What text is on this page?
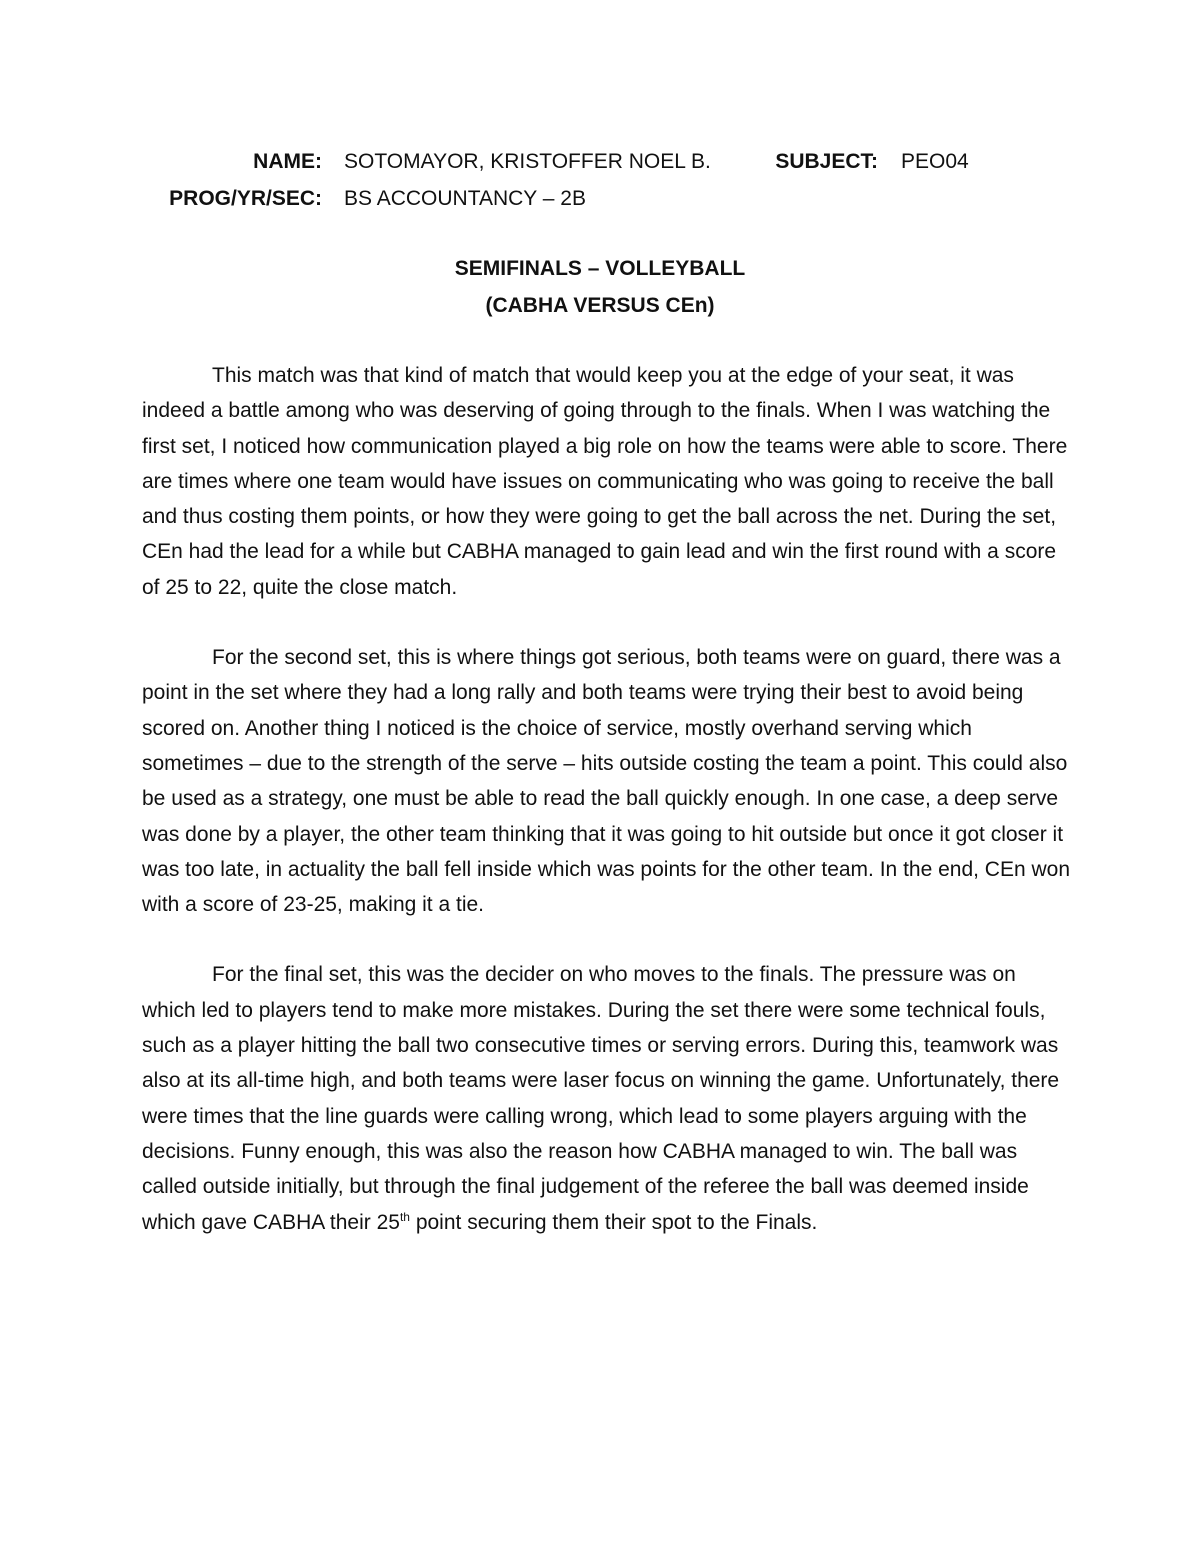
NAME: SOTOMAYOR, KRISTOFFER NOEL B.	SUBJECT: PEO04
PROG/YR/SEC: BS ACCOUNTANCY – 2B
SEMIFINALS – VOLLEYBALL
(CABHA VERSUS CEn)

This match was that kind of match that would keep you at the edge of your seat, it was indeed a battle among who was deserving of going through to the finals. When I was watching the first set, I noticed how communication played a big role on how the teams were able to score. There are times where one team would have issues on communicating who was going to receive the ball and thus costing them points, or how they were going to get the ball across the net. During the set, CEn had the lead for a while but CABHA managed to gain lead and win the first round with a score of 25 to 22, quite the close match.

For the second set, this is where things got serious, both teams were on guard, there was a point in the set where they had a long rally and both teams were trying their best to avoid being scored on. Another thing I noticed is the choice of service, mostly overhand serving which sometimes – due to the strength of the serve – hits outside costing the team a point. This could also be used as a strategy, one must be able to read the ball quickly enough. In one case, a deep serve was done by a player, the other team thinking that it was going to hit outside but once it got closer it was too late, in actuality the ball fell inside which was points for the other team. In the end, CEn won with a score of 23-25, making it a tie.

For the final set, this was the decider on who moves to the finals. The pressure was on which led to players tend to make more mistakes. During the set there were some technical fouls, such as a player hitting the ball two consecutive times or serving errors. During this, teamwork was also at its all-time high, and both teams were laser focus on winning the game. Unfortunately, there were times that the line guards were calling wrong, which lead to some players arguing with the decisions. Funny enough, this was also the reason how CABHA managed to win. The ball was called outside initially, but through the final judgement of the referee the ball was deemed inside which gave CABHA their 25th point securing them their spot to the Finals.
